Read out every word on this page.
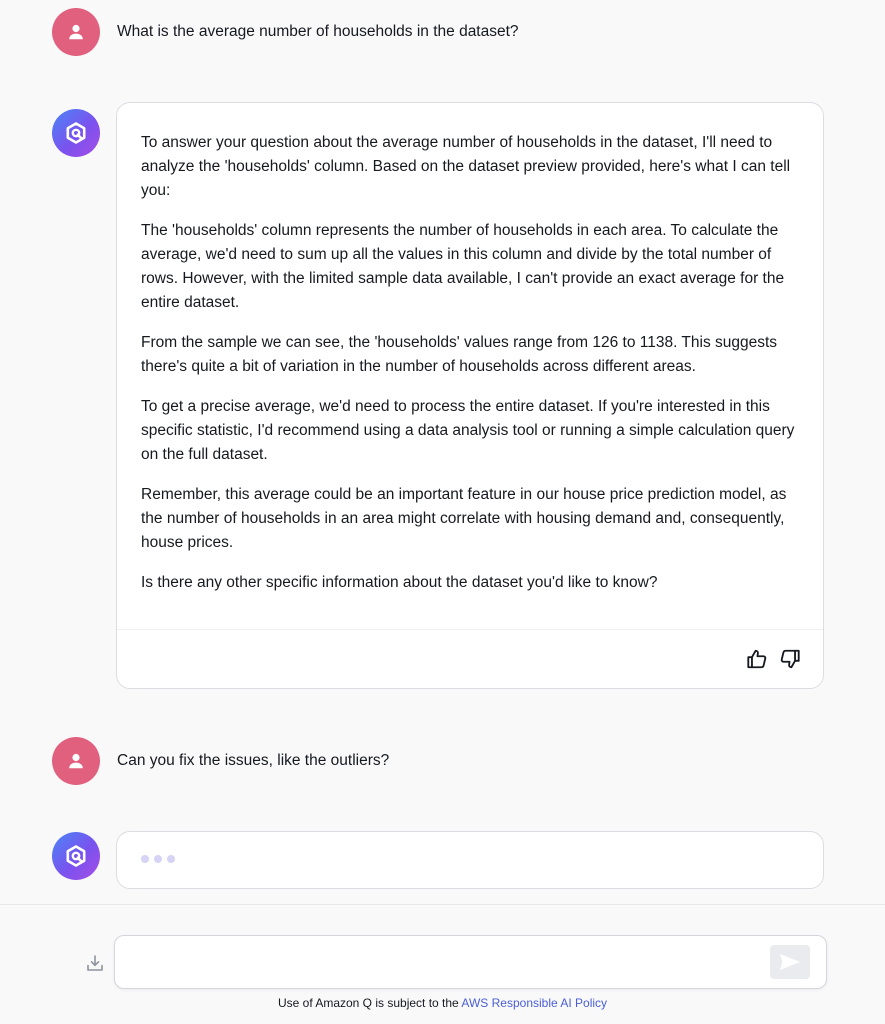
What is the average number of households in the dataset?

To answer your question about the average number of households in the dataset, I'll need to analyze the 'households' column. Based on the dataset preview provided, here's what I can tell you:

The 'households' column represents the number of households in each area. To calculate the average, we'd need to sum up all the values in this column and divide by the total number of rows. However, with the limited sample data available, I can't provide an exact average for the entire dataset.

From the sample we can see, the 'households' values range from 126 to 1138. This suggests there's quite a bit of variation in the number of households across different areas.

To get a precise average, we'd need to process the entire dataset. If you're interested in this specific statistic, I'd recommend using a data analysis tool or running a simple calculation query on the full dataset.

Remember, this average could be an important feature in our house price prediction model, as the number of households in an area might correlate with housing demand and, consequently, house prices.

Is there any other specific information about the dataset you'd like to know?

Can you fix the issues, like the outliers?
Use of Amazon Q is subject to the AWS Responsible AI Policy
